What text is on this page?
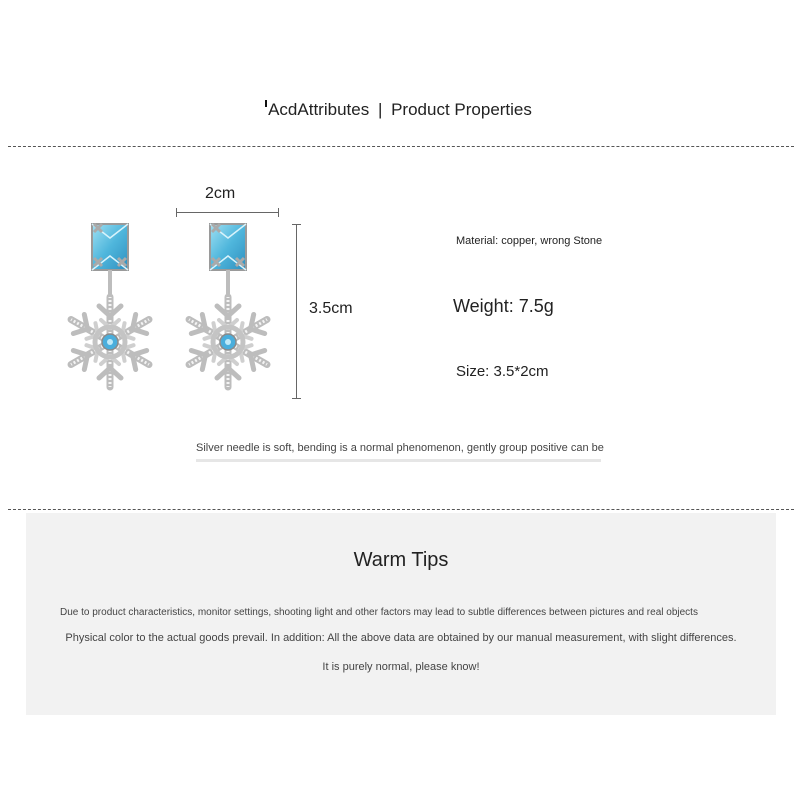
AcdAttributes | Product Properties
2cm
3.5cm
Material: copper, wrong Stone
Weight: 7.5g
Size: 3.5*2cm
Silver needle is soft, bending is a normal phenomenon, gently group positive can be
Warm Tips
Due to product characteristics, monitor settings, shooting light and other factors may lead to subtle differences between pictures and real objects
Physical color to the actual goods prevail. In addition: All the above data are obtained by our manual measurement, with slight differences.
It is purely normal, please know!
